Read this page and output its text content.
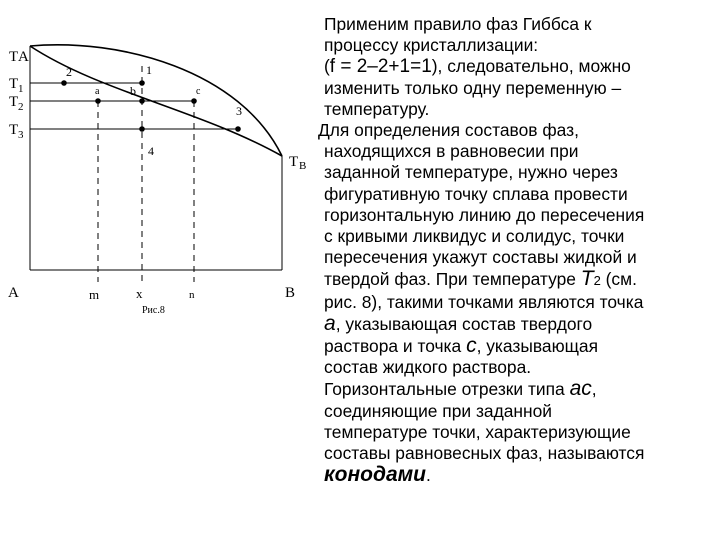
T A
T 1
T 2
T 3
T B
2	1
a	b	c
3
4
A	m	x	n	B
Рис.8

Применим правило фаз Гиббса к
процессу кристаллизации:
(f = 2–2+1=1), следовательно, можно
изменить только одну переменную –
температуру.

Для определения составов фаз,
находящихся в равновесии при
заданной температуре, нужно через
фигуративную точку сплава провести
горизонтальную линию до пересечения
с кривыми ликвидус и солидус, точки
пересечения укажут составы жидкой и
твердой фаз. При температуре Т2 (см.
рис. 8), такими точками являются точка
а, указывающая состав твердого
раствора и точка с, указывающая
состав жидкого раствора.

Горизонтальные отрезки типа ас,
соединяющие при заданной
температуре точки, характеризующие
составы равновесных фаз, называются
конодами.
